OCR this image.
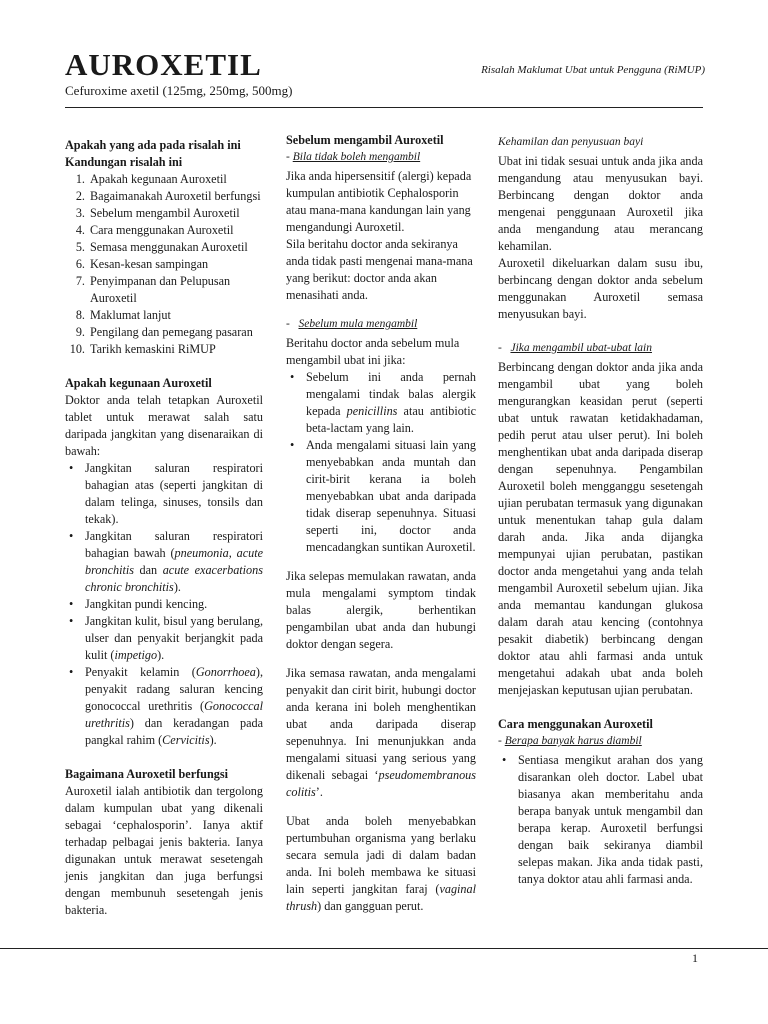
AUROXETIL
Cefuroxime axetil (125mg, 250mg, 500mg)
Risalah Maklumat Ubat untuk Pengguna (RiMUP)
Apakah yang ada pada risalah ini
Kandungan risalah ini
1. Apakah kegunaan Auroxetil
2. Bagaimanakah Auroxetil berfungsi
3. Sebelum mengambil Auroxetil
4. Cara menggunakan Auroxetil
5. Semasa menggunakan Auroxetil
6. Kesan-kesan sampingan
7. Penyimpanan dan Pelupusan Auroxetil
8. Maklumat lanjut
9. Pengilang dan pemegang pasaran
10. Tarikh kemaskini RiMUP
Apakah kegunaan Auroxetil

Doktor anda telah tetapkan Auroxetil tablet untuk merawat salah satu daripada jangkitan yang disenaraikan di bawah:

• Jangkitan saluran respiratori bahagian atas (seperti jangkitan di dalam telinga, sinuses, tonsils dan tekak).
• Jangkitan saluran respiratori bahagian bawah (pneumonia, acute bronchitis dan acute exacerbations chronic bronchitis).
• Jangkitan pundi kencing.
• Jangkitan kulit, bisul yang berulang, ulser dan penyakit berjangkit pada kulit (impetigo).
• Penyakit kelamin (Gonorrhoea), penyakit radang saluran kencing gonococcal urethritis (Gonococcal urethritis) dan keradangan pada pangkal rahim (Cervicitis).
Bagaimana Auroxetil berfungsi

Auroxetil ialah antibiotik dan tergolong dalam kumpulan ubat yang dikenali sebagai ‘cephalosporin’. Ianya aktif terhadap pelbagai jenis bakteria. Ianya digunakan untuk merawat sesetengah jenis jangkitan dan juga berfungsi dengan membunuh sesetengah jenis bakteria.

Sebelum mengambil Auroxetil
- Bila tidak boleh mengambil

Jika anda hipersensitif (alergi) kepada kumpulan antibiotik Cephalosporin atau mana-mana kandungan lain yang mengandungi Auroxetil.

Sila beritahu doctor anda sekiranya anda tidak pasti mengenai mana-mana yang berikut: doctor anda akan menasihati anda.

-   Sebelum mula mengambil

Beritahu doctor anda sebelum mula mengambil ubat ini jika:

• Sebelum ini anda pernah mengalami tindak balas alergik kepada penicillins atau antibiotic beta-lactam yang lain.
• Anda mengalami situasi lain yang menyebabkan anda muntah dan cirit-birit kerana ia boleh menyebabkan ubat anda daripada tidak diserap sepenuhnya. Situasi seperti ini, doctor anda mencadangkan suntikan Auroxetil.

Jika selepas memulakan rawatan, anda mula mengalami symptom tindak balas alergik, berhentikan pengambilan ubat anda dan hubungi doktor dengan segera.

Jika semasa rawatan, anda mengalami penyakit dan cirit birit, hubungi doctor anda kerana ini boleh menghentikan ubat anda daripada diserap sepenuhnya. Ini menunjukkan anda mengalami situasi yang serious yang dikenali sebagai ‘pseudomembranous colitis’.

Ubat anda boleh menyebabkan pertumbuhan organisma yang berlaku secara semula jadi di dalam badan anda. Ini boleh membawa ke situasi lain seperti jangkitan faraj (vaginal thrush) dan gangguan perut.

Kehamilan dan penyusuan bayi

Ubat ini tidak sesuai untuk anda jika anda mengandung atau menyusukan bayi. Berbincang dengan doktor anda mengenai penggunaan Auroxetil jika anda mengandung atau merancang kehamilan.

Auroxetil dikeluarkan dalam susu ibu, berbincang dengan doktor anda sebelum menggunakan Auroxetil semasa menyusukan bayi.

-   Jika mengambil ubat-ubat lain

Berbincang dengan doktor anda jika anda mengambil ubat yang boleh mengurangkan keasidan perut (seperti ubat untuk rawatan ketidakhadaman, pedih perut atau ulser perut). Ini boleh menghentikan ubat anda daripada diserap dengan sepenuhnya. Pengambilan Auroxetil boleh mengganggu sesetengah ujian perubatan termasuk yang digunakan untuk menentukan tahap gula dalam darah anda. Jika anda dijangka mempunyai ujian perubatan, pastikan doctor anda mengetahui yang anda telah mengambil Auroxetil sebelum ujian. Jika anda memantau kandungan glukosa dalam darah atau kencing (contohnya pesakit diabetik) berbincang dengan doktor atau ahli farmasi anda untuk mengetahui adakah ubat anda boleh menjejaskan keputusan ujian perubatan.

Cara menggunakan Auroxetil
- Berapa banyak harus diambil
• Sentiasa mengikut arahan dos yang disarankan oleh doctor. Label ubat biasanya akan memberitahu anda berapa banyak untuk mengambil dan berapa kerap. Auroxetil berfungsi dengan baik sekiranya diambil selepas makan. Jika anda tidak pasti, tanya doktor atau ahli farmasi anda.
1
